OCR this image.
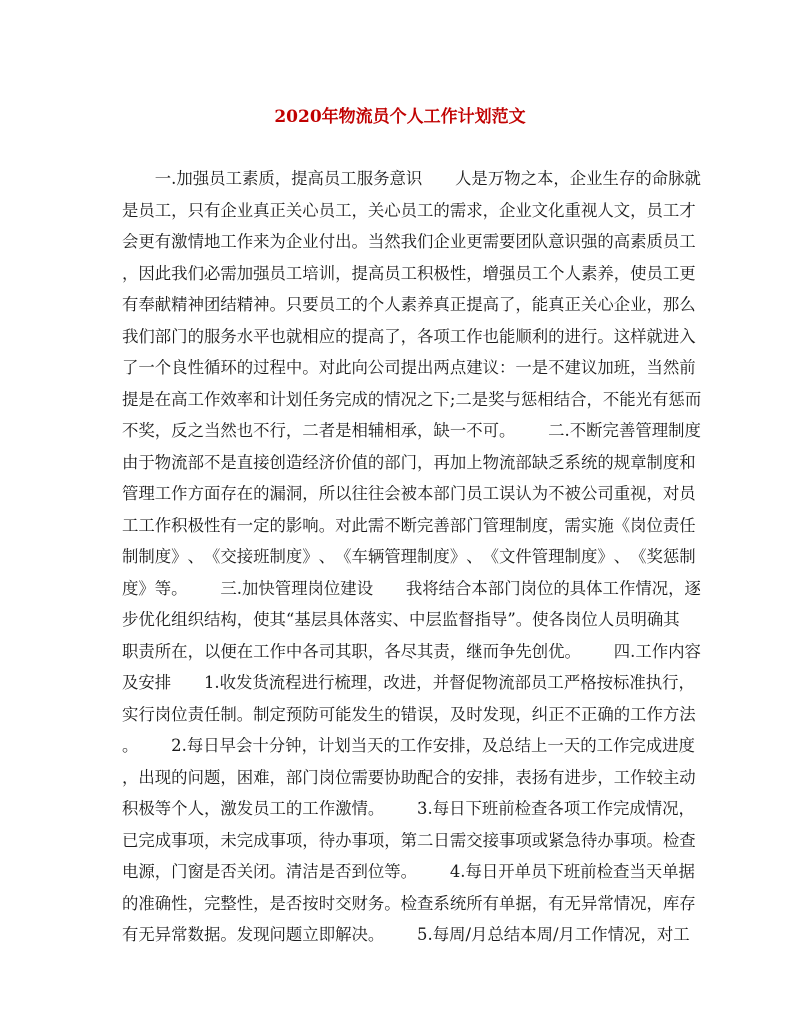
2020年物流员个人工作计划范文

一 . 加 强 员 工 素 质 ， 提 高 员 工 服 务 意 识

　 人 是 万 物 之 本 ， 企 业 生 存 的 命 脉 就
是 员 工 ， 只 有 企 业 真 正 关 心 员 工 ， 关 心 员 工 的 需 求 ， 企 业 文 化 重 视 人 文 ， 员 工 才
会 更 有 激 情 地 工 作 来 为 企 业 付 出 。 当 然 我 们 企 业 更 需 要 团 队 意 识 强 的 高 素 质 员 工
， 因 此 我 们 必 需 加 强 员 工 培 训 ， 提 高 员 工 积 极 性 ， 增 强 员 工 个 人 素 养 ， 使 员 工 更
有 奉 献 精 神 团 结 精 神 。 只 要 员 工 的 个 人 素 养 真 正 提 高 了 ， 能 真 正 关 心 企 业 ， 那 么
我 们 部 门 的 服 务 水 平 也 就 相 应 的 提 高 了 ， 各 项 工 作 也 能 顺 利 的 进 行 。 这 样 就 进 入
了 一 个 良 性 循 环 的 过 程 中 。 对 此 向 公 司 提 出 两 点 建 议 ： 一 是 不 建 议 加 班 ， 当 然 前
提 是 在 高 工 作 效 率 和 计 划 任 务 完 成 的 情 况 之 下 ; 二 是 奖 与 惩 相 结 合 ， 不 能 光 有 惩 而
不 奖 ， 反 之 当 然 也 不 行 ， 二 者 是 相 辅 相 承 ， 缺 一 不 可 。

　 二 . 不 断 完 善 管 理 制 度
由 于 物 流 部 不 是 直 接 创 造 经 济 价 值 的 部 门 ， 再 加 上 物 流 部 缺 乏 系 统 的 规 章 制 度 和
管 理 工 作 方 面 存 在 的 漏 洞 ， 所 以 往 往 会 被 本 部 门 员 工 误 认 为 不 被 公 司 重 视 ， 对 员
工 工 作 积 极 性 有 一 定 的 影 响 。 对 此 需 不 断 完 善 部 门 管 理 制 度 ， 需 实 施 《 岗 位 责 任
制 制 度 》 、 《 交 接 班 制 度 》 、 《 车 辆 管 理 制 度 》 、 《 文 件 管 理 制 度 》 、 《 奖 惩 制
度 》 等 。

　 三 . 加 快 管 理 岗 位 建 设

　 我 将 结 合 本 部 门 岗 位 的 具 体 工 作 情 况 ， 逐
步 优 化 组 织 结 构 ， 使 其 “ 基 层 具 体 落 实 、 中 层 监 督 指 导 ” 。 使 各 岗 位 人 员 明 确 其
职 责 所 在 ， 以 便 在 工 作 中 各 司 其 职 ， 各 尽 其 责 ， 继 而 争 先 创 优 。

　 四 . 工 作 内 容
及 安 排

　 1 . 收 发 货 流 程 进 行 梳 理 ， 改 进 ， 并 督 促 物 流 部 员 工 严 格 按 标 准 执 行 ，
实 行 岗 位 责 任 制 。 制 定 预 防 可 能 发 生 的 错 误 ， 及 时 发 现 ， 纠 正 不 正 确 的 工 作 方 法
。

　 2 . 每 日 早 会 十 分 钟 ， 计 划 当 天 的 工 作 安 排 ， 及 总 结 上 一 天 的 工 作 完 成 进 度
， 出 现 的 问 题 ， 困 难 ， 部 门 岗 位 需 要 协 助 配 合 的 安 排 ， 表 扬 有 进 步 ， 工 作 较 主 动
积 极 等 个 人 ， 激 发 员 工 的 工 作 激 情 。

　 3 . 每 日 下 班 前 检 查 各 项 工 作 完 成 情 况 ，
已 完 成 事 项 ， 未 完 成 事 项 ， 待 办 事 项 ， 第 二 日 需 交 接 事 项 或 紧 急 待 办 事 项 。 检 查
电 源 ， 门 窗 是 否 关 闭 。 清 洁 是 否 到 位 等 。

　 4 . 每 日 开 单 员 下 班 前 检 查 当 天 单 据
的 准 确 性 ， 完 整 性 ， 是 否 按 时 交 财 务 。 检 查 系 统 所 有 单 据 ， 有 无 异 常 情 况 ， 库 存
有 无 异 常 数 据 。 发 现 问 题 立 即 解 决 。

　 5 . 每 周 / 月 总 结 本 周 / 月 工 作 情 况 ， 对 工
